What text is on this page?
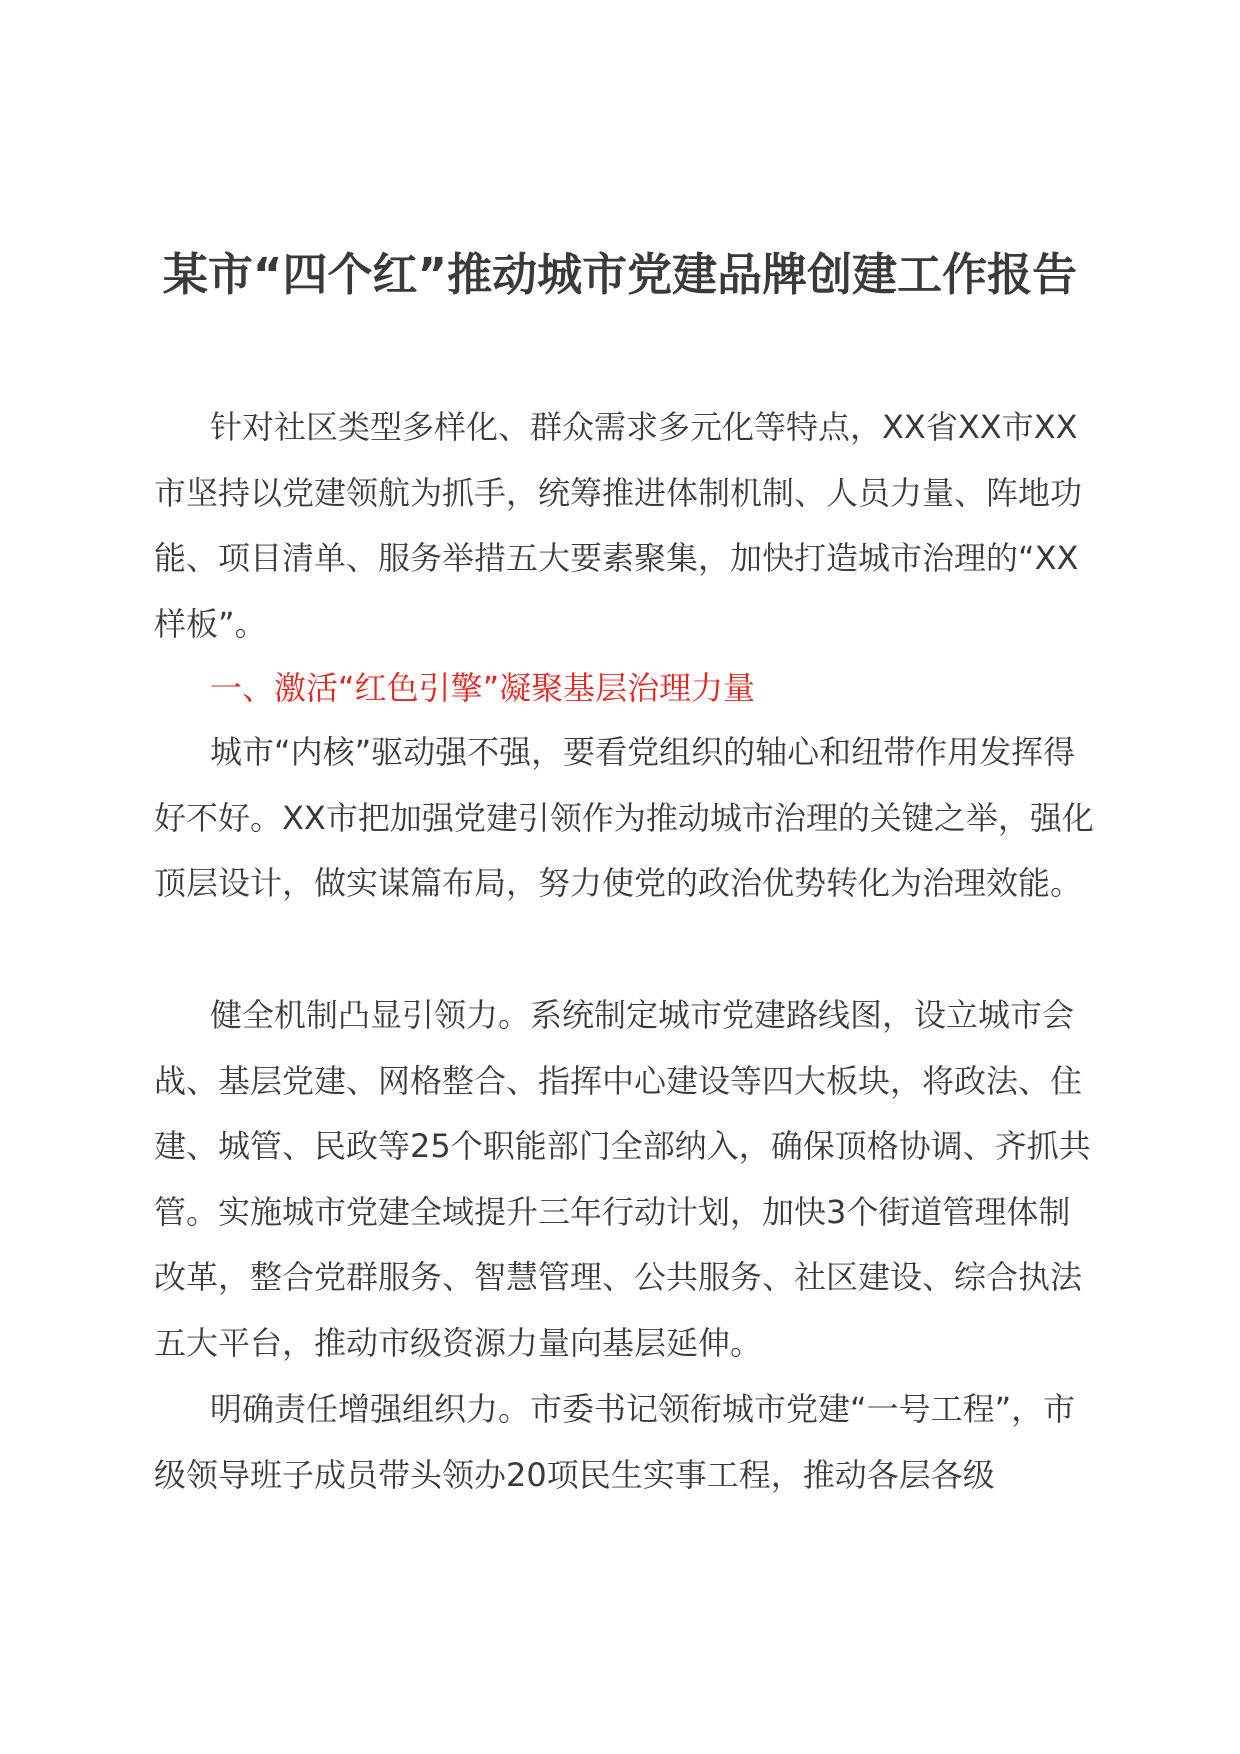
某市“四个红”推动城市党建品牌创建工作报告

针对社区类型多样化、群众需求多元化等特点，XX省XX市XX市坚持以党建领航为抓手，统筹推进体制机制、人员力量、阵地功能、项目清单、服务举措五大要素聚集，加快打造城市治理的“XX样板”。

一、激活“红色引擎”凝聚基层治理力量

城市“内核”驱动强不强，要看党组织的轴心和纽带作用发挥得好不好。XX市把加强党建引领作为推动城市治理的关键之举，强化顶层设计，做实谋篇布局，努力使党的政治优势转化为治理效能。

健全机制凸显引领力。系统制定城市党建路线图，设立城市会战、基层党建、网格整合、指挥中心建设等四大板块，将政法、住建、城管、民政等25个职能部门全部纳入，确保顶格协调、齐抓共管。实施城市党建全域提升三年行动计划，加快3个街道管理体制改革，整合党群服务、智慧管理、公共服务、社区建设、综合执法五大平台，推动市级资源力量向基层延伸。

明确责任增强组织力。市委书记领衔城市党建“一号工程”，市级领导班子成员带头领办20项民生实事工程，推动各层各级
